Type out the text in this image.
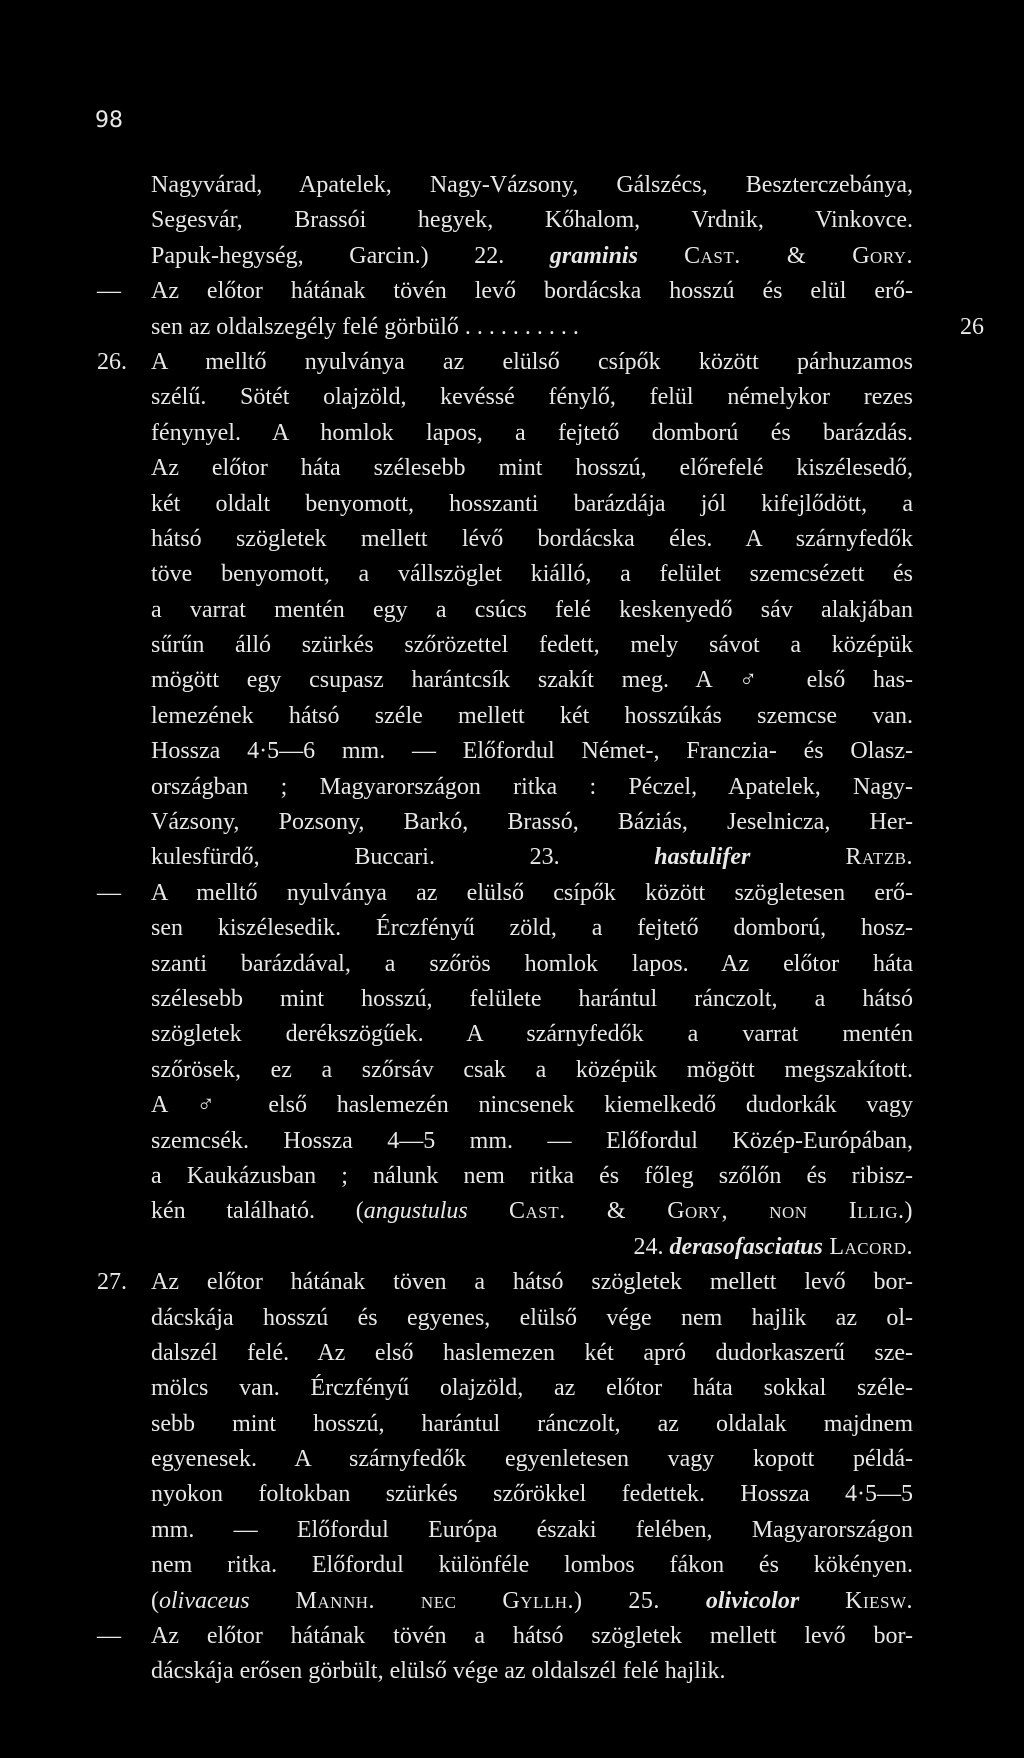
98
Nagyvárad, Apatelek, Nagy-Vázsony, Gálszécs, Beszterczebánya,
Segesvár, Brassói hegyek, Kőhalom, Vrdnik, Vinkovce.
Papuk-hegység, Garcin.) 22. graminis Cast. & Gory.
—	Az előtor hátának tövén levő bordácska hosszú és elül erő-
sen az oldalszegély felé görbülő . . . . . . . . . .	26
26.	A melltő nyulványa az elülső csípők között párhuzamos
szélű. Sötét olajzöld, kevéssé fénylő, felül némelykor rezes
fénynyel. A homlok lapos, a fejtető domború és barázdás.
Az előtor háta szélesebb mint hosszú, előrefelé kiszélesedő,
két oldalt benyomott, hosszanti barázdája jól kifejlődött, a
hátsó szögletek mellett lévő bordácska éles. A szárnyfedők
töve benyomott, a vállszöglet kiálló, a felület szemcsézett és
a varrat mentén egy a csúcs felé keskenyedő sáv alakjában
sűrűn álló szürkés szőrözettel fedett, mely sávot a középük
mögött egy csupasz harántcsík szakít meg. A ♂ első has-
lemezének hátsó széle mellett két hosszúkás szemcse van.
Hossza 4·5—6 mm. — Előfordul Német-, Franczia- és Olasz-
országban ; Magyarországon ritka : Péczel, Apatelek, Nagy-
Vázsony, Pozsony, Barkó, Brassó, Báziás, Jeselnicza, Her-
kulesfürdő, Buccari. 23. hastulifer Ratzb.
—	A melltő nyulványa az elülső csípők között szögletesen erő-
sen kiszélesedik. Érczfényű zöld, a fejtető domború, hosz-
szanti barázdával, a szőrös homlok lapos. Az előtor háta
szélesebb mint hosszú, felülete harántul ránczolt, a hátsó
szögletek derékszögűek. A szárnyfedők a varrat mentén
szőrösek, ez a szőrsáv csak a középük mögött megszakított.
A ♂ első haslemezén nincsenek kiemelkedő dudorkák vagy
szemcsék. Hossza 4—5 mm. — Előfordul Közép-Európában,
a Kaukázusban ; nálunk nem ritka és főleg szőlőn és ribisz-
kén található. (angustulus Cast. & Gory, non Illig.)
24. derasofasciatus Lacord.
27.	Az előtor hátának töven a hátsó szögletek mellett levő bor-
dácskája hosszú és egyenes, elülső vége nem hajlik az ol-
dalszél felé. Az első haslemezen két apró dudorkaszerű sze-
mölcs van. Érczfényű olajzöld, az előtor háta sokkal széle-
sebb mint hosszú, harántul ránczolt, az oldalak majdnem
egyenesek. A szárnyfedők egyenletesen vagy kopott példá-
nyokon foltokban szürkés szőrökkel fedettek. Hossza 4·5—5
mm. — Előfordul Európa északi felében, Magyarországon
nem ritka. Előfordul különféle lombos fákon és kökényen.
(olivaceus Mannh. nec Gyllh.) 25. olivicolor Kiesw.
—	Az előtor hátának tövén a hátsó szögletek mellett levő bor-
dácskája erősen görbült, elülső vége az oldalszél felé hajlik.
